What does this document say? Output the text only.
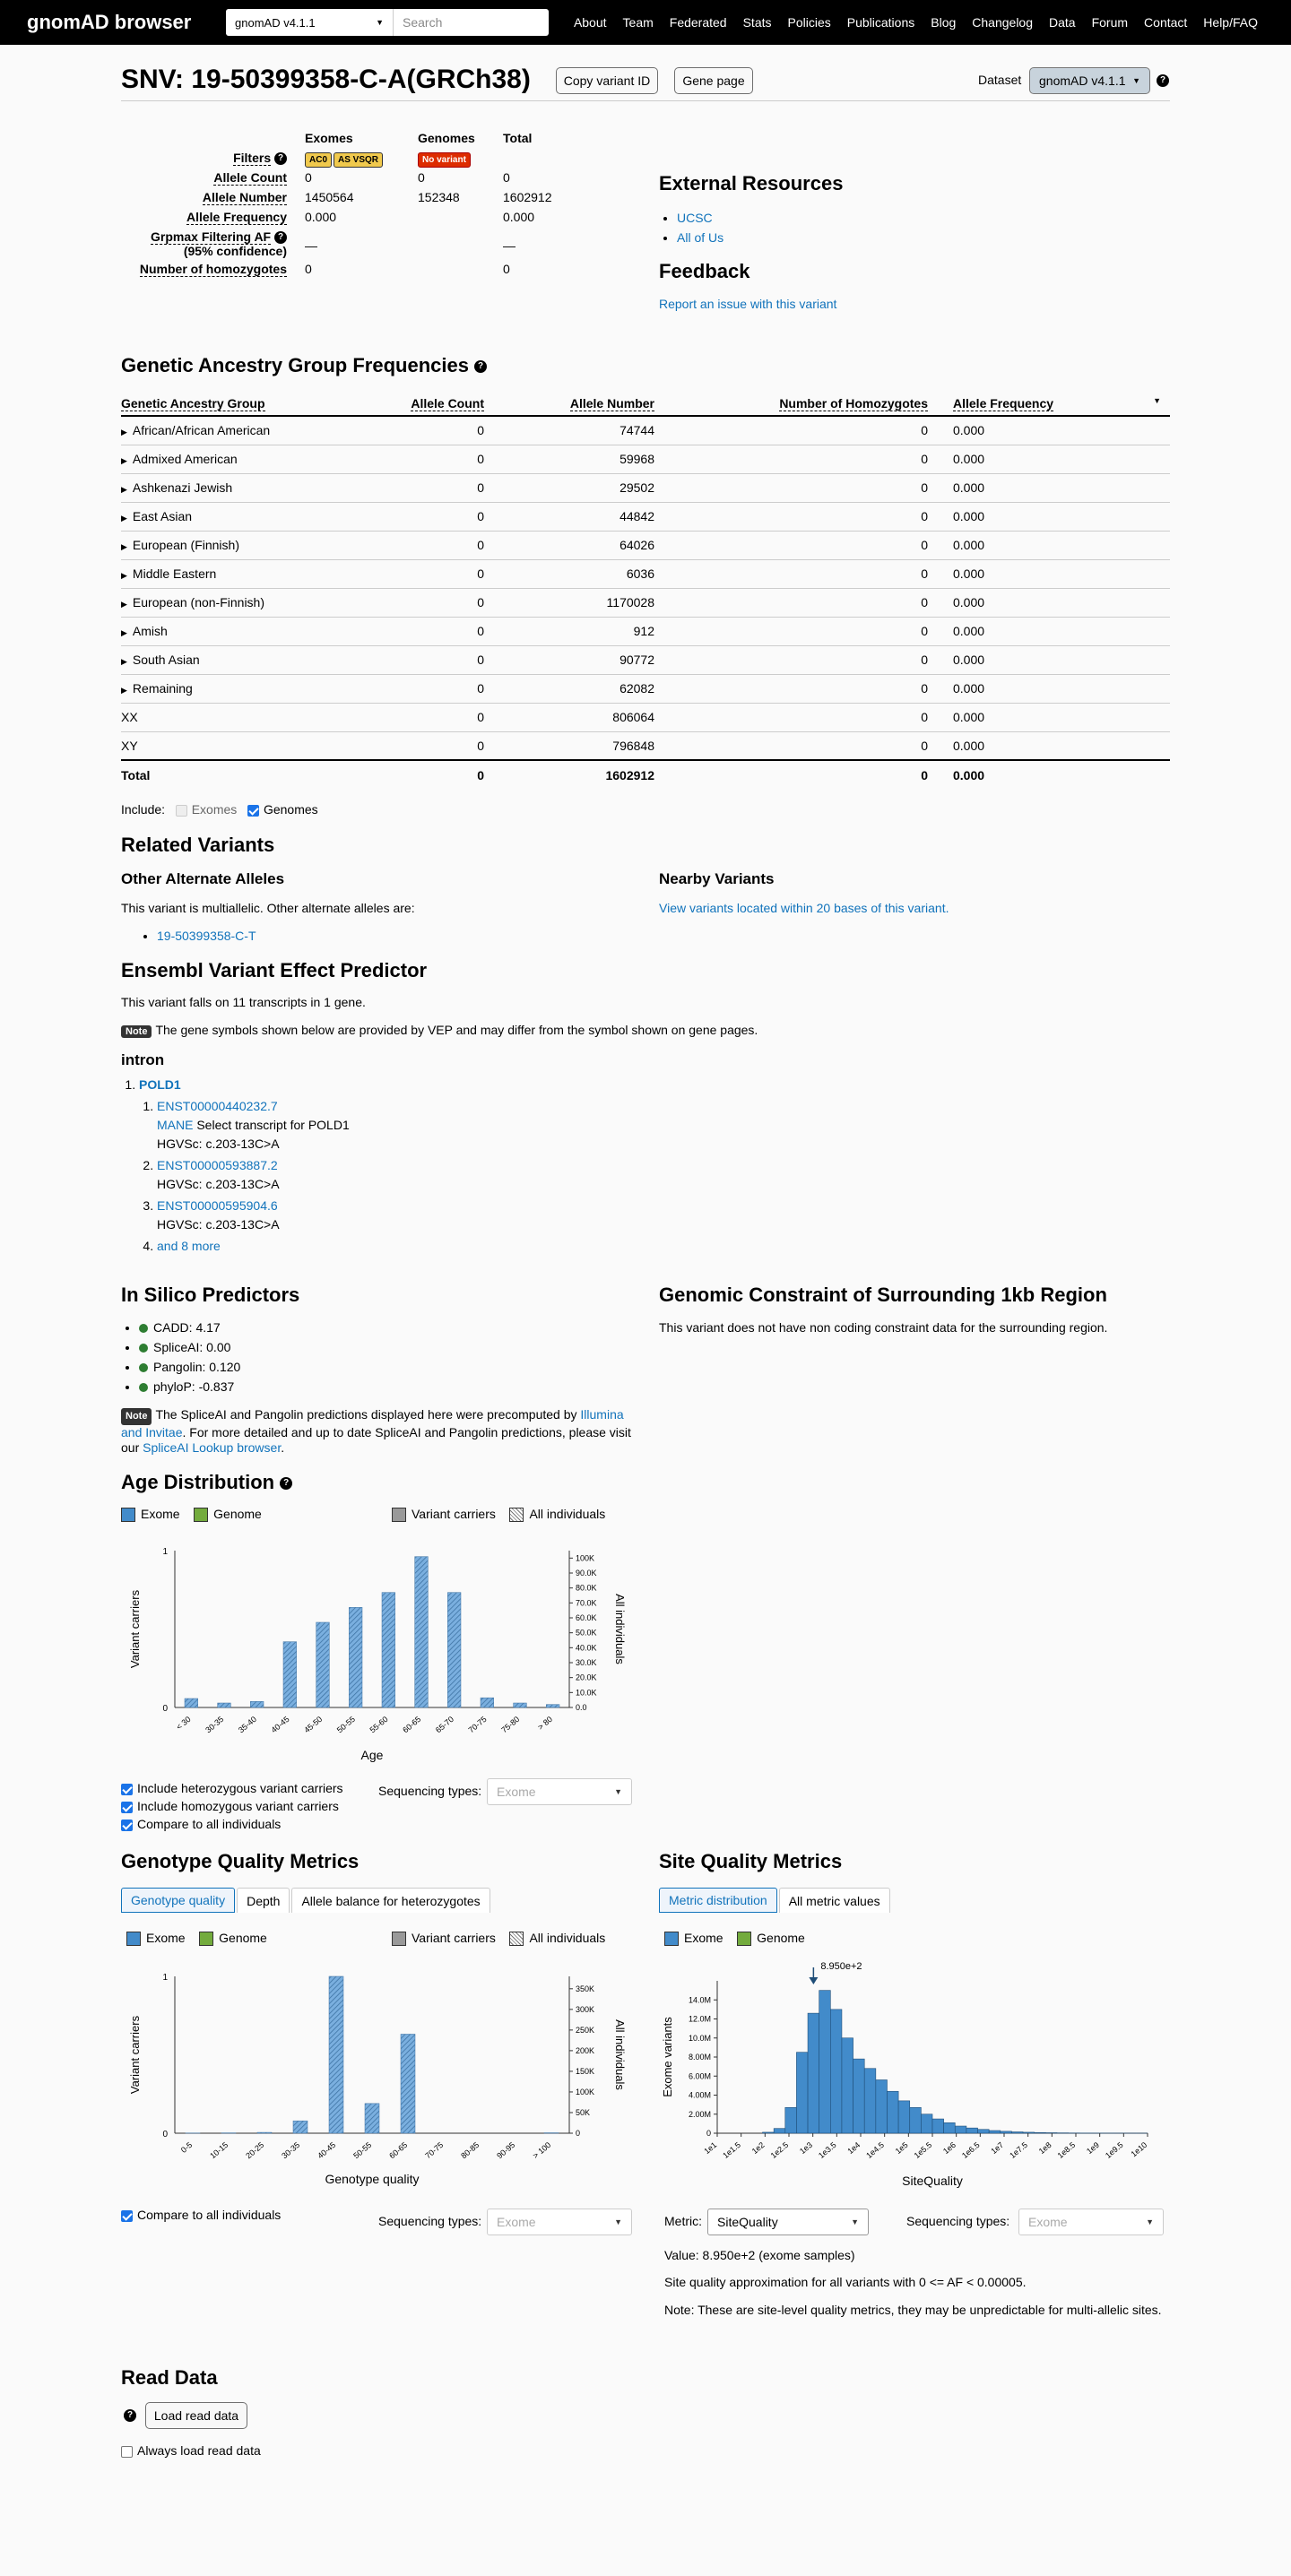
gnomAD browser	gnomAD v4.1.1	▼	Search	About Team Federated Stats Policies Publications Blog Changelog Data Forum Contact Help/FAQ
SNV: 19-50399358-C-A(GRCh38)	Copy variant ID	Gene page	Dataset gnomAD v4.1.1 ▼	?
	Exomes	Genomes	Total
Filters ?	AC0 AS VSQR	No variant	
Allele Count	0	0	0
Allele Number	1450564	152348	1602912
Allele Frequency	0.000		0.000
Grpmax Filtering AF ?
(95% confidence)	—		—
Number of homozygotes	0		0
External Resources
• UCSC
• All of Us
Feedback
Report an issue with this variant
Genetic Ancestry Group Frequencies ?
Genetic Ancestry Group	Allele Count	Allele Number	Number of Homozygotes	Allele Frequency ▼

▶ African/African American	0	74744	0	0.000
▶ Admixed American	0	59968	0	0.000
▶ Ashkenazi Jewish	0	29502	0	0.000
▶ East Asian	0	44842	0	0.000
▶ European (Finnish)	0	64026	0	0.000
▶ Middle Eastern	0	6036	0	0.000
▶ European (non-Finnish)	0	1170028	0	0.000
▶ Amish	0	912	0	0.000
▶ South Asian	0	90772	0	0.000
▶ Remaining	0	62082	0	0.000
XX	0	806064	0	0.000
XY	0	796848	0	0.000
Total	0	1602912	0	0.000
Include: Exomes Genomes
Related Variants
Other Alternate Alleles
This variant is multiallelic. Other alternate alleles are:
• 19-50399358-C-T
Nearby Variants
View variants located within 20 bases of this variant.
Ensembl Variant Effect Predictor
This variant falls on 11 transcripts in 1 gene.
Note The gene symbols shown below are provided by VEP and may differ from the symbol shown on gene pages.
intron
1. POLD1
1. ENST00000440232.7
MANE Select transcript for POLD1
HGVSc: c.203-13C>A
2. ENST00000593887.2
HGVSc: c.203-13C>A
3. ENST00000595904.6
HGVSc: c.203-13C>A
4. and 8 more
In Silico Predictors
• CADD: 4.17
• SpliceAI: 0.00
• Pangolin: 0.120
• phyloP: -0.837
Note The SpliceAI and Pangolin predictions displayed here were precomputed by Illumina and Invitae. For more detailed and up to date SpliceAI and Pangolin predictions, please visit our SpliceAI Lookup browser.
Genomic Constraint of Surrounding 1kb Region
This variant does not have non coding constraint data for the surrounding region.
Age Distribution ?
Exome	Genome	Variant carriers	All individuals
1
0
Variant carriers	All individuals
0.0
10.0K
20.0K
30.0K
40.0K
50.0K
60.0K
70.0K
80.0K
90.0K
100K
< 30 30-35 35-40 40-45 45-50 50-55 55-60 60-65 65-70 70-75 75-80 > 80
Age
Include heterozygous variant carriers
Include homozygous variant carriers
Compare to all individuals
Sequencing types: Exome	▼
Genotype Quality Metrics
Genotype quality	Depth	Allele balance for heterozygotes
Exome	Genome	Variant carriers	All individuals
1
0
Variant carriers	All individuals
0
50K
100K
150K
200K
250K
300K
350K
0-5 10-15 20-25 30-35 40-45 50-55 60-65 70-75 80-85 90-95 > 100
Genotype quality
Compare to all individuals	Sequencing types: Exome	▼
Site Quality Metrics
Metric distribution	All metric values
Exome	Genome
0
2.00M
4.00M
6.00M
8.00M
10.0M
12.0M
14.0M
Exome variants
1e1 1e1.5 1e2 1e2.5 1e3 1e3.5 1e4 1e4.5 1e5 1e5.5 1e6 1e6.5 1e7 1e7.5 1e8 1e8.5 1e9 1e9.5 1e10
8.950e+2
SiteQuality
Metric: SiteQuality	▼	Sequencing types: Exome	▼
Value: 8.950e+2 (exome samples)
Site quality approximation for all variants with 0 <= AF < 0.00005.
Note: These are site-level quality metrics, they may be unpredictable for multi-allelic sites.
Read Data
?	Load read data
Always load read data
